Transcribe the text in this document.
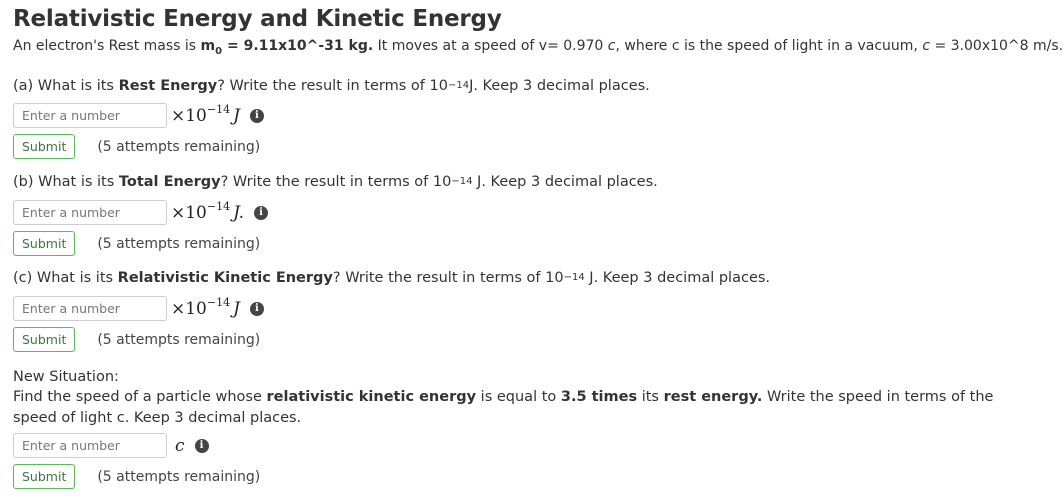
Relativistic Energy and Kinetic Energy
An electron's Rest mass is $m_0$ = 9.11x10^-31 kg. It moves at a speed of v= 0.970 c, where c is the speed of light in a vacuum, c = 3.00x10^8 m/s.
(a) What is its Rest Energy? Write the result in terms of $10^{-14}J$. Keep 3 decimal places.
Enter a number
×10 −14 J	i
Submit	(5 attempts remaining)
(b) What is its Total Energy? Write the result in terms of $10^{-14}$ J. Keep 3 decimal places.
Enter a number
×10 −14 J.	i
Submit	(5 attempts remaining)
(c) What is its Relativistic Kinetic Energy? Write the result in terms of $10^{-14}$ J. Keep 3 decimal places.
Enter a number
×10 −14 J	i
Submit	(5 attempts remaining)
New Situation:
Find the speed of a particle whose relativistic kinetic energy is equal to 3.5 times its rest energy. Write the speed in terms of the speed of light c. Keep 3 decimal places.
Enter a number
c	i
Submit	(5 attempts remaining)
